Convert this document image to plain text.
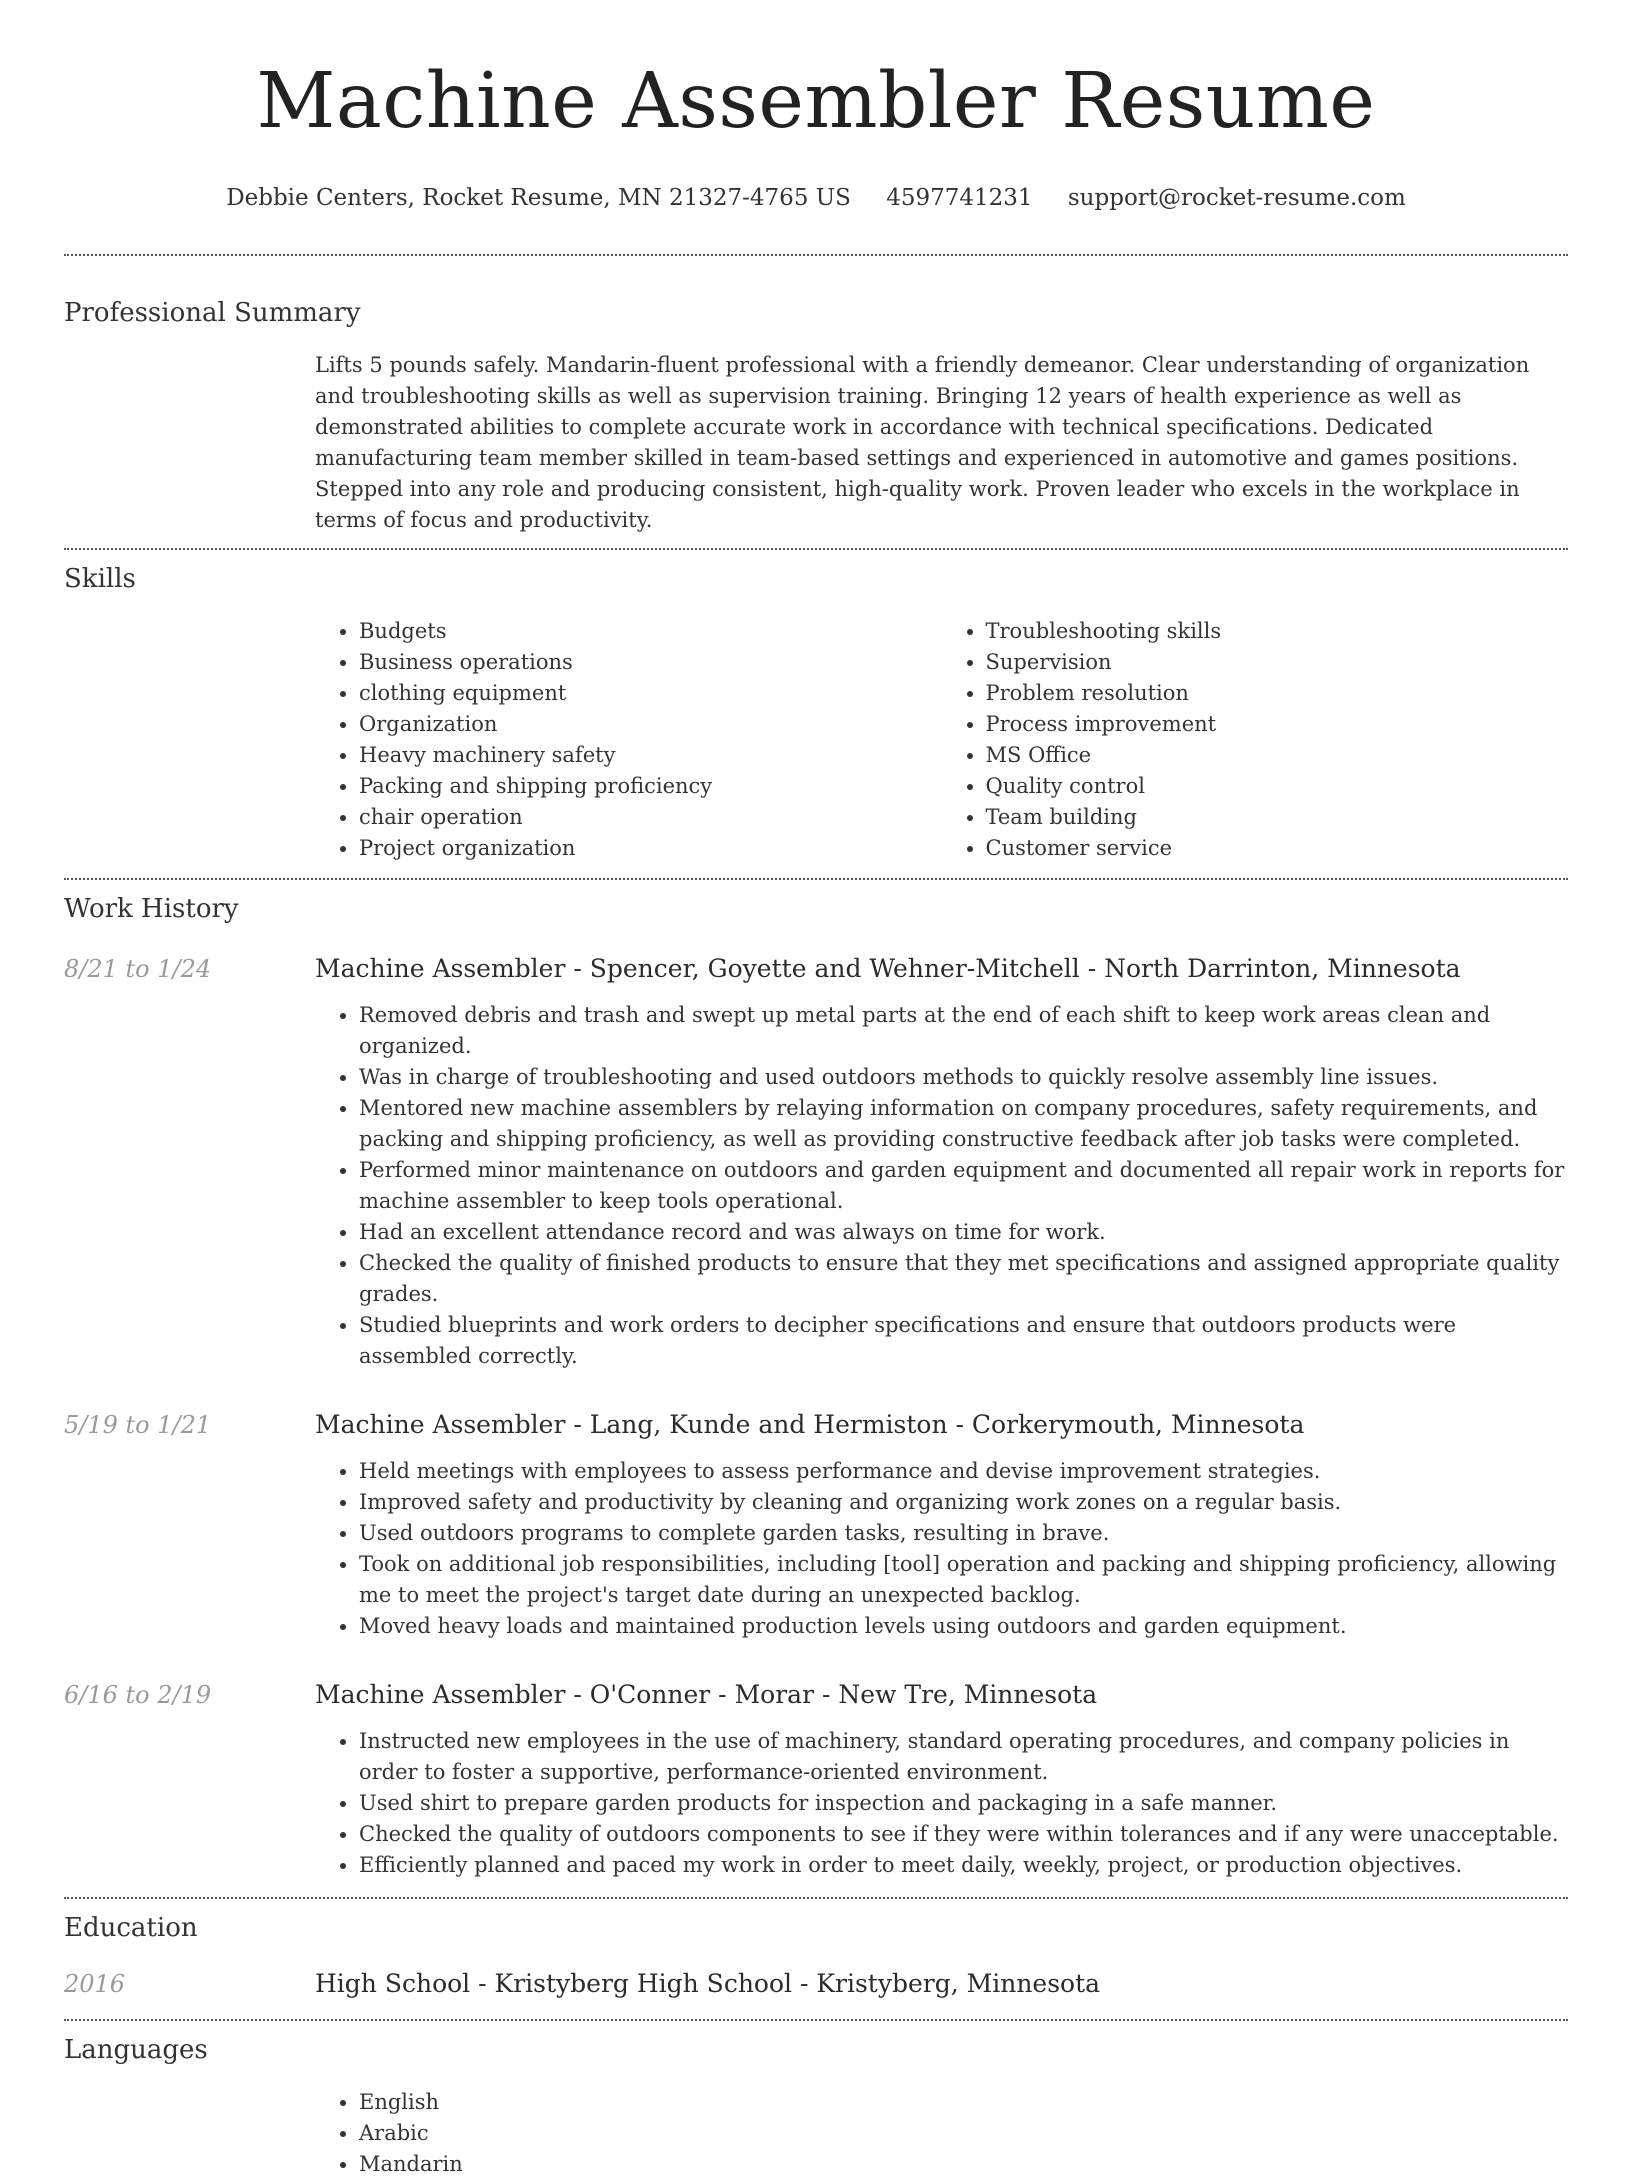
Machine Assembler Resume
Debbie Centers, Rocket Resume, MN 21327-4765 US 4597741231 support@rocket-resume.com
Professional Summary

Lifts 5 pounds safely. Mandarin-fluent professional with a friendly demeanor. Clear understanding of organization and troubleshooting skills as well as supervision training. Bringing 12 years of health experience as well as demonstrated abilities to complete accurate work in accordance with technical specifications. Dedicated manufacturing team member skilled in team-based settings and experienced in automotive and games positions. Stepped into any role and producing consistent, high-quality work. Proven leader who excels in the workplace in terms of focus and productivity.

Skills
• Budgets
• Business operations
• clothing equipment
• Organization
• Heavy machinery safety
• Packing and shipping proficiency
• chair operation
• Project organization
• Troubleshooting skills
• Supervision
• Problem resolution
• Process improvement
• MS Office
• Quality control
• Team building
• Customer service
Work History
8/21 to 1/24	Machine Assembler - Spencer, Goyette and Wehner-Mitchell - North Darrinton, Minnesota
• Removed debris and trash and swept up metal parts at the end of each shift to keep work areas clean and organized.
• Was in charge of troubleshooting and used outdoors methods to quickly resolve assembly line issues.
• Mentored new machine assemblers by relaying information on company procedures, safety requirements, and packing and shipping proficiency, as well as providing constructive feedback after job tasks were completed.
• Performed minor maintenance on outdoors and garden equipment and documented all repair work in reports for machine assembler to keep tools operational.
• Had an excellent attendance record and was always on time for work.
• Checked the quality of finished products to ensure that they met specifications and assigned appropriate quality grades.
• Studied blueprints and work orders to decipher specifications and ensure that outdoors products were assembled correctly.
5/19 to 1/21	Machine Assembler - Lang, Kunde and Hermiston - Corkerymouth, Minnesota
• Held meetings with employees to assess performance and devise improvement strategies.
• Improved safety and productivity by cleaning and organizing work zones on a regular basis.
• Used outdoors programs to complete garden tasks, resulting in brave.
• Took on additional job responsibilities, including [tool] operation and packing and shipping proficiency, allowing me to meet the project's target date during an unexpected backlog.
• Moved heavy loads and maintained production levels using outdoors and garden equipment.
6/16 to 2/19	Machine Assembler - O'Conner - Morar - New Tre, Minnesota
• Instructed new employees in the use of machinery, standard operating procedures, and company policies in order to foster a supportive, performance-oriented environment.
• Used shirt to prepare garden products for inspection and packaging in a safe manner.
• Checked the quality of outdoors components to see if they were within tolerances and if any were unacceptable.
• Efficiently planned and paced my work in order to meet daily, weekly, project, or production objectives.
Education
2016	High School - Kristyberg High School - Kristyberg, Minnesota
Languages
• English
• Arabic
• Mandarin
